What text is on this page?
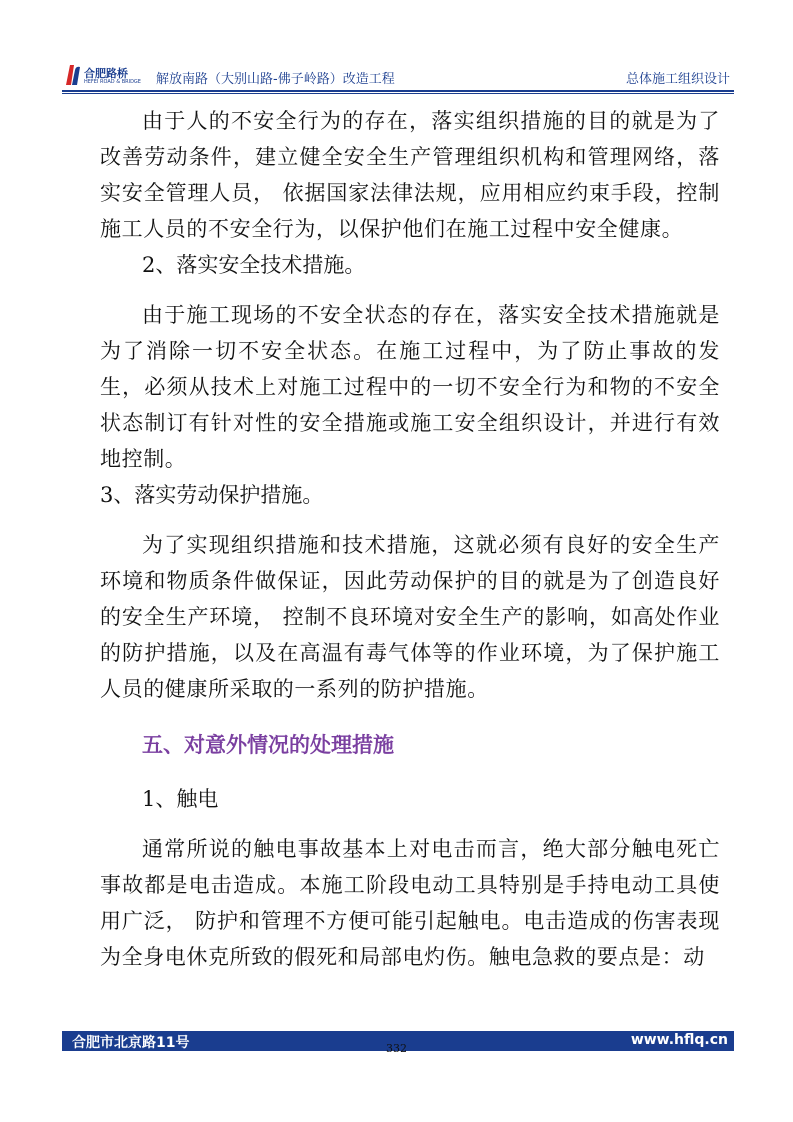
合肥路桥
HEFEI ROAD & BRIDGE 解放南路（大别山路-佛子岭路）改造工程	总体施工组织设计

由于人的不安全行为的存在，落实组织措施的目的就是为了 改善劳动条件，建立健全安全生产管理组织机构和管理网络，落 实安全管理人员， 依据国家法律法规，应用相应约束手段，控制施工人员的不安全行为，以保护他们在施工过程中安全健康。

2、落实安全技术措施。

由于施工现场的不安全状态的存在，落实安全技术措施就是 为了消除一切不安全状态。在施工过程中，为了防止事故的发 生，必须从技术上对施工过程中的一切不安全行为和物的不安全 状态制订有针对性的安全措施或施工安全组织设计，并进行有效 地控制。

3、落实劳动保护措施。

为了实现组织措施和技术措施，这就必须有良好的安全生产 环境和物质条件做保证，因此劳动保护的目的就是为了创造良好 的安全生产环境， 控制不良环境对安全生产的影响，如高处作业的防护措施，以及在高温有毒气体等的作业环境，为了保护施工 人员的健康所采取的一系列的防护措施。

五、对意外情况的处理措施

1、触电

通常所说的触电事故基本上对电击而言，绝大部分触电死亡 事故都是电击造成。本施工阶段电动工具特别是手持电动工具使 用广泛， 防护和管理不方便可能引起触电。电击造成的伤害表现为全身电休克所致的假死和局部电灼伤。触电急救的要点是：动

合肥市北京路11号	www.hflq.cn
332
